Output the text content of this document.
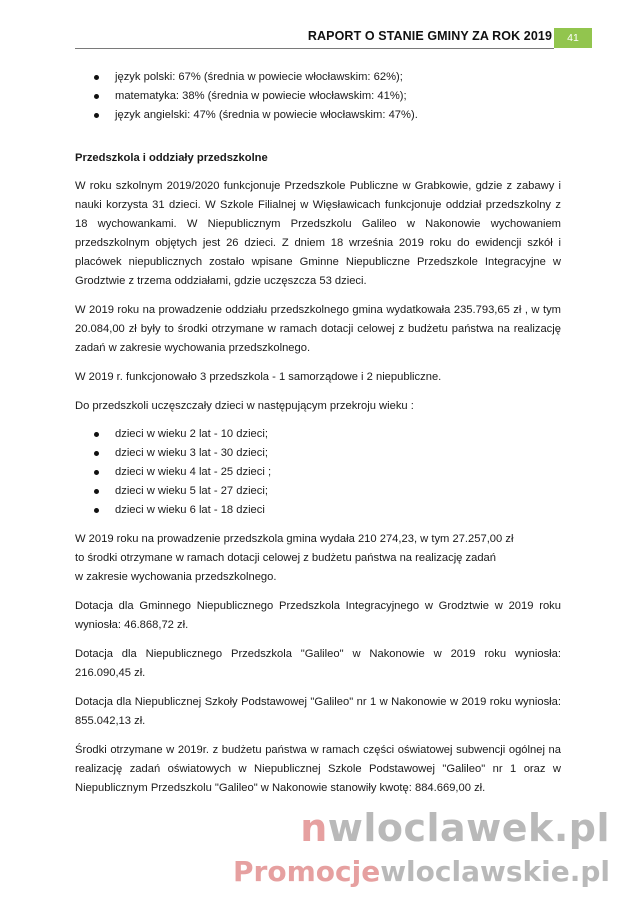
RAPORT O STANIE GMINY ZA ROK 2019	41
język polski: 67% (średnia w powiecie włocławskim: 62%);
matematyka: 38% (średnia w powiecie włocławskim: 41%);
język angielski: 47% (średnia w powiecie włocławskim: 47%).

Przedszkola i oddziały przedszkolne

W roku szkolnym 2019/2020 funkcjonuje Przedszkole Publiczne w Grabkowie, gdzie z zabawy i nauki korzysta 31 dzieci. W Szkole Filialnej w Więsławicach funkcjonuje oddział przedszkolny z 18 wychowankami. W Niepublicznym Przedszkolu Galileo w Nakonowie wychowaniem przedszkolnym objętych jest 26 dzieci. Z dniem 18 września 2019 roku do ewidencji szkół i placówek niepublicznych zostało wpisane Gminne Niepubliczne Przedszkole Integracyjne w Grodztwie z trzema oddziałami, gdzie uczęszcza 53 dzieci.

W 2019 roku na prowadzenie oddziału przedszkolnego gmina wydatkowała 235.793,65 zł , w tym 20.084,00 zł były to środki otrzymane w ramach dotacji celowej z budżetu państwa na realizację zadań w zakresie wychowania przedszkolnego.

W 2019 r. funkcjonowało 3 przedszkola - 1 samorządowe i 2 niepubliczne.

Do przedszkoli uczęszczały dzieci w następującym przekroju wieku :

dzieci w wieku 2 lat - 10 dzieci;
dzieci w wieku 3 lat - 30 dzieci;
dzieci w wieku 4 lat - 25 dzieci ;
dzieci w wieku 5 lat - 27 dzieci;
dzieci w wieku 6 lat - 18 dzieci
W 2019 roku na prowadzenie przedszkola gmina wydała 210 274,23, w tym 27.257,00 zł
to środki otrzymane w ramach dotacji celowej z budżetu państwa na realizację zadań
w zakresie wychowania przedszkolnego.

Dotacja dla Gminnego Niepublicznego Przedszkola Integracyjnego w Grodztwie w 2019 roku wyniosła: 46.868,72 zł.

Dotacja dla Niepublicznego Przedszkola "Galileo" w Nakonowie w 2019 roku wyniosła: 216.090,45 zł.

Dotacja dla Niepublicznej Szkoły Podstawowej "Galileo" nr 1 w Nakonowie w 2019 roku wyniosła: 855.042,13 zł.

Środki otrzymane w 2019r. z budżetu państwa w ramach części oświatowej subwencji ogólnej na realizację zadań oświatowych w Niepublicznej Szkole Podstawowej "Galileo" nr 1 oraz w Niepublicznym Przedszkolu "Galileo" w Nakonowie stanowiły kwotę: 884.669,00 zł.

nwloclawek.pl
Promocjewloclawskie.pl
